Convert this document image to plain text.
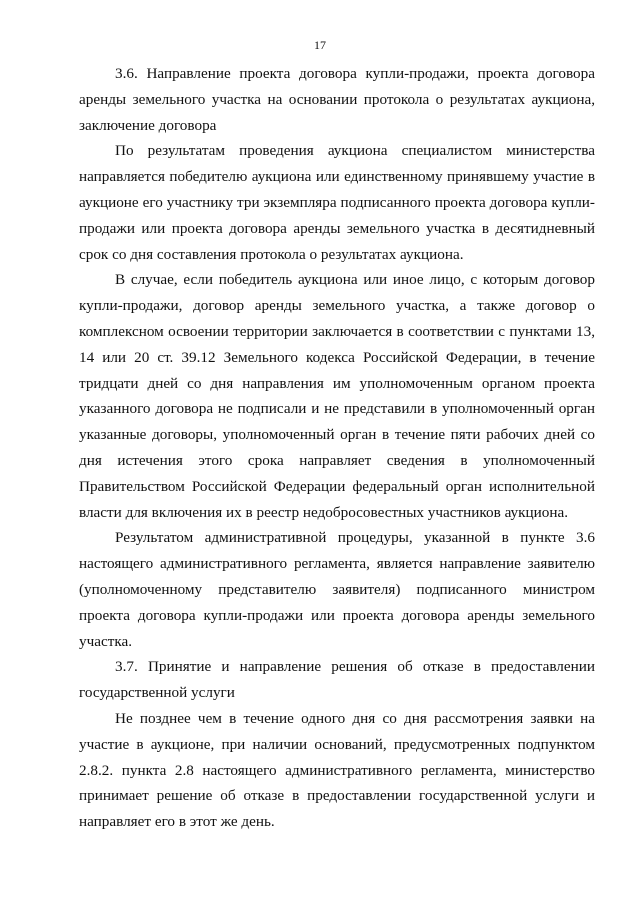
17

3.6. Направление проекта договора купли-продажи, проекта договора аренды земельного участка на основании протокола о результатах аукциона, заключение договора

По результатам проведения аукциона специалистом министерства направляется победителю аукциона или единственному принявшему участие в аукционе его участнику три экземпляра подписанного проекта договора купли-продажи или проекта договора аренды земельного участка в десятидневный срок со дня составления протокола о результатах аукциона.

В случае, если победитель аукциона или иное лицо, с которым договор купли-продажи, договор аренды земельного участка, а также договор о комплексном освоении территории заключается в соответствии с пунктами 13, 14 или 20 ст. 39.12 Земельного кодекса Российской Федерации, в течение тридцати дней со дня направления им уполномоченным органом проекта указанного договора не подписали и не представили в уполномоченный орган указанные договоры, уполномоченный орган в течение пяти рабочих дней со дня истечения этого срока направляет сведения в уполномоченный Правительством Российской Федерации федеральный орган исполнительной власти для включения их в реестр недобросовестных участников аукциона.

Результатом административной процедуры, указанной в пункте 3.6 настоящего административного регламента, является направление заявителю (уполномоченному представителю заявителя) подписанного министром проекта договора купли-продажи или проекта договора аренды земельного участка.

3.7. Принятие и направление решения об отказе в предоставлении государственной услуги

Не позднее чем в течение одного дня со дня рассмотрения заявки на участие в аукционе, при наличии оснований, предусмотренных подпунктом 2.8.2. пункта 2.8 настоящего административного регламента, министерство принимает решение об отказе в предоставлении государственной услуги и направляет его в этот же день.
